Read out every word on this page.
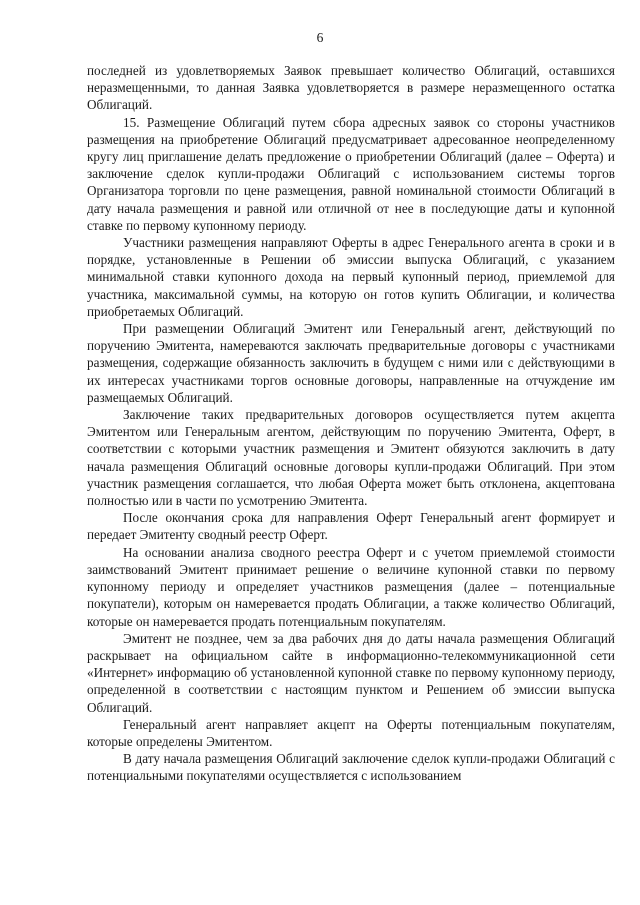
6

последней из удовлетворяемых Заявок превышает количество Облигаций, оставшихся неразмещенными, то данная Заявка удовлетворяется в размере неразмещенного остатка Облигаций.

15. Размещение Облигаций путем сбора адресных заявок со стороны участников размещения на приобретение Облигаций предусматривает адресованное неопределенному кругу лиц приглашение делать предложение о приобретении Облигаций (далее – Оферта) и заключение сделок купли-продажи Облигаций с использованием системы торгов Организатора торговли по цене размещения, равной номинальной стоимости Облигаций в дату начала размещения и равной или отличной от нее в последующие даты и купонной ставке по первому купонному периоду.

Участники размещения направляют Оферты в адрес Генерального агента в сроки и в порядке, установленные в Решении об эмиссии выпуска Облигаций, с указанием минимальной ставки купонного дохода на первый купонный период, приемлемой для участника, максимальной суммы, на которую он готов купить Облигации, и количества приобретаемых Облигаций.

При размещении Облигаций Эмитент или Генеральный агент, действующий по поручению Эмитента, намереваются заключать предварительные договоры с участниками размещения, содержащие обязанность заключить в будущем с ними или с действующими в их интересах участниками торгов основные договоры, направленные на отчуждение им размещаемых Облигаций.

Заключение таких предварительных договоров осуществляется путем акцепта Эмитентом или Генеральным агентом, действующим по поручению Эмитента, Оферт, в соответствии с которыми участник размещения и Эмитент обязуются заключить в дату начала размещения Облигаций основные договоры купли-продажи Облигаций. При этом участник размещения соглашается, что любая Оферта может быть отклонена, акцептована полностью или в части по усмотрению Эмитента.

После окончания срока для направления Оферт Генеральный агент формирует и передает Эмитенту сводный реестр Оферт.

На основании анализа сводного реестра Оферт и с учетом приемлемой стоимости заимствований Эмитент принимает решение о величине купонной ставки по первому купонному периоду и определяет участников размещения (далее – потенциальные покупатели), которым он намеревается продать Облигации, а также количество Облигаций, которые он намеревается продать потенциальным покупателям.

Эмитент не позднее, чем за два рабочих дня до даты начала размещения Облигаций раскрывает на официальном сайте в информационно-телекоммуникационной сети «Интернет» информацию об установленной купонной ставке по первому купонному периоду, определенной в соответствии с настоящим пунктом и Решением об эмиссии выпуска Облигаций.

Генеральный агент направляет акцепт на Оферты потенциальным покупателям, которые определены Эмитентом.

В дату начала размещения Облигаций заключение сделок купли-продажи Облигаций с потенциальными покупателями осуществляется с использованием
